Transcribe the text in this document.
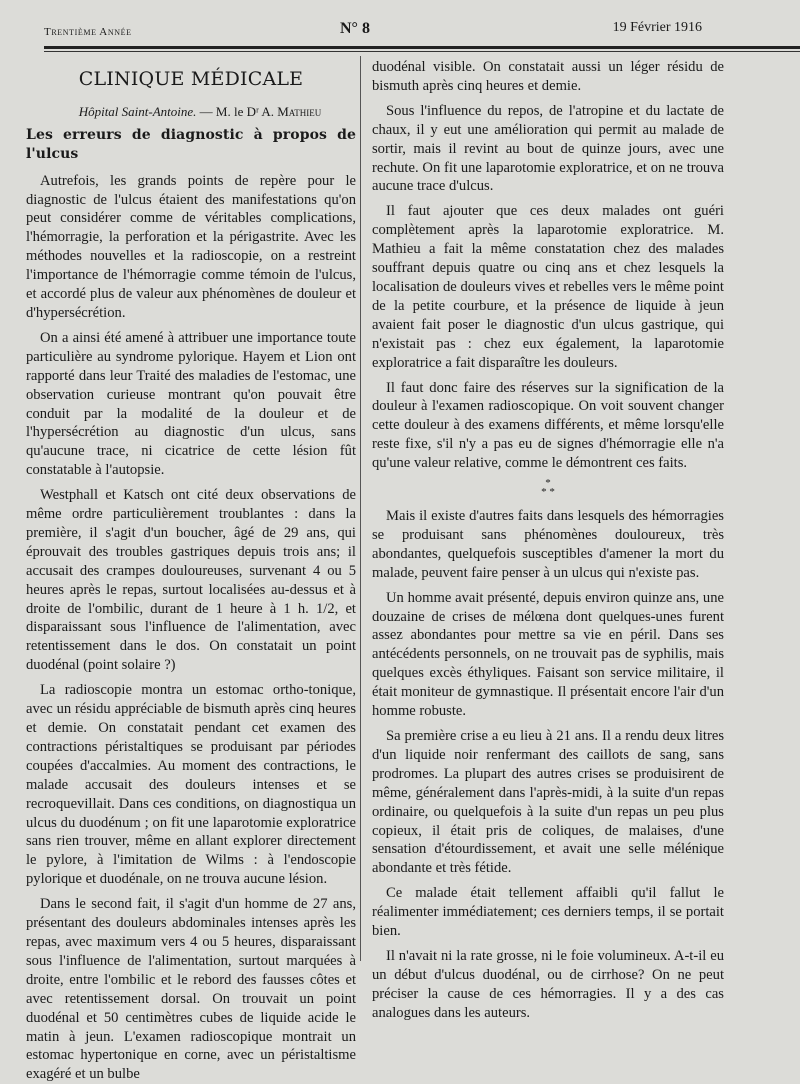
Trentième Année	N° 8	19 Février 1916
CLINIQUE MÉDICALE
Hôpital Saint-Antoine. — M. le Dʳ A. Mathieu
Les erreurs de diagnostic à propos de l'ulcus

Autrefois, les grands points de repère pour le diagnostic de l'ulcus étaient des manifestations qu'on peut considérer comme de véritables complications, l'hémorragie, la perforation et la périgastrite. Avec les méthodes nouvelles et la radioscopie, on a restreint l'importance de l'hémorragie comme témoin de l'ulcus, et accordé plus de valeur aux phénomènes de douleur et d'hypersécrétion.

On a ainsi été amené à attribuer une importance toute particulière au syndrome pylorique. Hayem et Lion ont rapporté dans leur Traité des maladies de l'estomac, une observation curieuse montrant qu'on pouvait être conduit par la modalité de la douleur et de l'hypersécrétion au diagnostic d'un ulcus, sans qu'aucune trace, ni cicatrice de cette lésion fût constatable à l'autopsie.

Westphall et Katsch ont cité deux observations de même ordre particulièrement troublantes : dans la première, il s'agit d'un boucher, âgé de 29 ans, qui éprouvait des troubles gastriques depuis trois ans; il accusait des crampes douloureuses, survenant 4 ou 5 heures après le repas, surtout localisées au-dessus et à droite de l'ombilic, durant de 1 heure à 1 h. 1/2, et disparaissant sous l'influence de l'alimentation, avec retentissement dans le dos. On constatait un point duodénal (point solaire ?)

La radioscopie montra un estomac ortho-tonique, avec un résidu appréciable de bismuth après cinq heures et demie. On constatait pendant cet examen des contractions péristaltiques se produisant par périodes coupées d'accalmies. Au moment des contractions, le malade accusait des douleurs intenses et se recroquevillait. Dans ces conditions, on diagnostiqua un ulcus du duodénum ; on fit une laparotomie exploratrice sans rien trouver, même en allant explorer directement le pylore, à l'imitation de Wilms : à l'endoscopie pylorique et duodénale, on ne trouva aucune lésion.

Dans le second fait, il s'agit d'un homme de 27 ans, présentant des douleurs abdominales intenses après les repas, avec maximum vers 4 ou 5 heures, disparaissant sous l'influence de l'alimentation, surtout marquées à droite, entre l'ombilic et le rebord des fausses côtes et avec retentissement dorsal. On trouvait un point duodénal et 50 centimètres cubes de liquide acide le matin à jeun. L'examen radioscopique montrait un estomac hypertonique en corne, avec un péristaltisme exagéré et un bulbe

duodénal visible. On constatait aussi un léger résidu de bismuth après cinq heures et demie.

Sous l'influence du repos, de l'atropine et du lactate de chaux, il y eut une amélioration qui permit au malade de sortir, mais il revint au bout de quinze jours, avec une rechute. On fit une laparotomie exploratrice, et on ne trouva aucune trace d'ulcus.

Il faut ajouter que ces deux malades ont guéri complètement après la laparotomie exploratrice. M. Mathieu a fait la même constatation chez des malades souffrant depuis quatre ou cinq ans et chez lesquels la localisation de douleurs vives et rebelles vers le même point de la petite courbure, et la présence de liquide à jeun avaient fait poser le diagnostic d'un ulcus gastrique, qui n'existait pas : chez eux également, la laparotomie exploratrice a fait disparaître les douleurs.

Il faut donc faire des réserves sur la signification de la douleur à l'examen radioscopique. On voit souvent changer cette douleur à des examens différents, et même lorsqu'elle reste fixe, s'il n'y a pas eu de signes d'hémorragie elle n'a qu'une valeur relative, comme le démontrent ces faits.

*
* *

Mais il existe d'autres faits dans lesquels des hémorragies se produisant sans phénomènes douloureux, très abondantes, quelquefois susceptibles d'amener la mort du malade, peuvent faire penser à un ulcus qui n'existe pas.

Un homme avait présenté, depuis environ quinze ans, une douzaine de crises de mélœna dont quelques-unes furent assez abondantes pour mettre sa vie en péril. Dans ses antécédents personnels, on ne trouvait pas de syphilis, mais quelques excès éthyliques. Faisant son service militaire, il était moniteur de gymnastique. Il présentait encore l'air d'un homme robuste.

Sa première crise a eu lieu à 21 ans. Il a rendu deux litres d'un liquide noir renfermant des caillots de sang, sans prodromes. La plupart des autres crises se produisirent de même, généralement dans l'après-midi, à la suite d'un repas ordinaire, ou quelquefois à la suite d'un repas un peu plus copieux, il était pris de coliques, de malaises, d'une sensation d'étourdissement, et avait une selle mélénique abondante et très fétide.

Ce malade était tellement affaibli qu'il fallut le réalimenter immédiatement; ces derniers temps, il se portait bien.

Il n'avait ni la rate grosse, ni le foie volumineux. A-t-il eu un début d'ulcus duodénal, ou de cirrhose? On ne peut préciser la cause de ces hémorragies. Il y a des cas analogues dans les auteurs.
